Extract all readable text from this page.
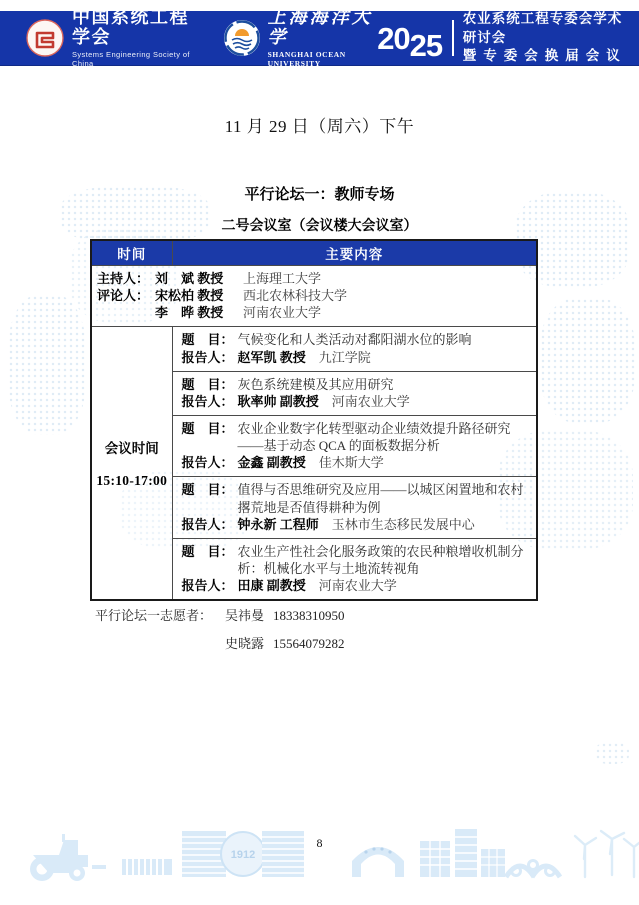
中国系统工程学会
Systems Engineering Society of China
上海海洋大学
SHANGHAI OCEAN UNIVERSITY
20 25
农业系统工程专委会学术研讨会
暨专委会换届会议
11 月 29 日（周六）下午
平行论坛一：教师专场
二号会议室（会议楼大会议室）
时间	主要内容

主持人： 刘　斌 教授	上海理工大学
评论人： 宋松柏 教授	西北农林科技大学
李　晔 教授	河南农业大学

会议时间
15:10-17:00

题　目： 气候变化和人类活动对鄱阳湖水位的影响
报告人： 赵军凯 教授 九江学院

	题　目： 灰色系统建模及其应用研究
报告人： 耿率帅 副教授 河南农业大学

	题　目： 农业企业数字化转型驱动企业绩效提升路径研究——基于动态 QCA 的面板数据分析
报告人： 金鑫 副教授 佳木斯大学

	题　目： 值得与否思维研究及应用——以城区闲置地和农村撂荒地是否值得耕种为例
报告人： 钟永新 工程师 玉林市生态移民发展中心

	题　目： 农业生产性社会化服务政策的农民种粮增收机制分析：机械化水平与土地流转视角
报告人： 田康 副教授 河南农业大学
平行论坛一志愿者： 吴祎曼 18338310950
史晓露 15564079282
1912
8
